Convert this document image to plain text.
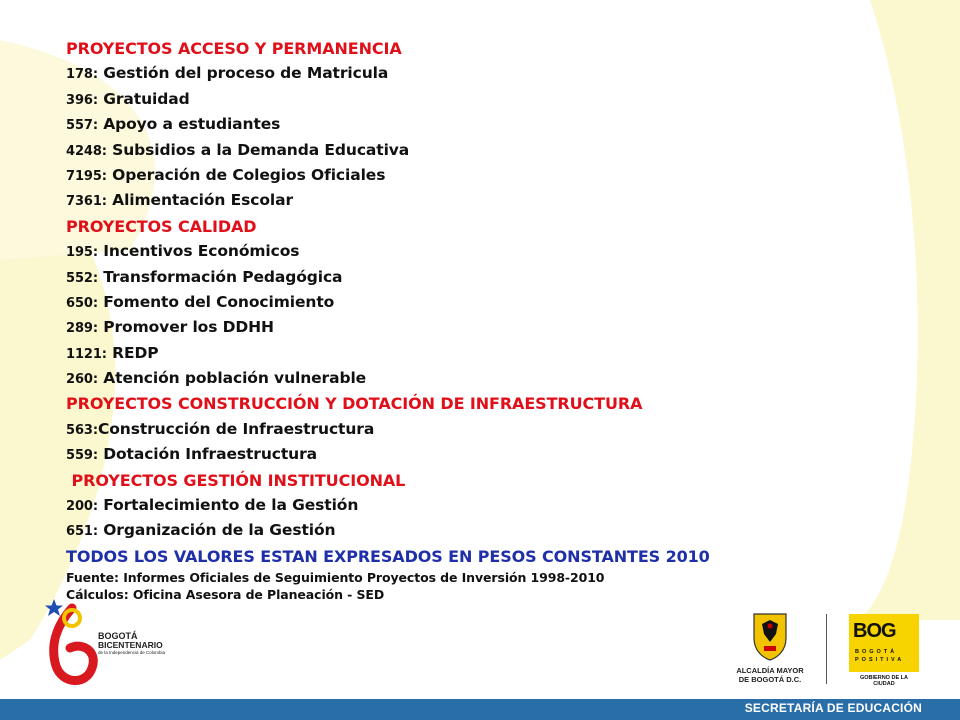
PROYECTOS ACCESO Y PERMANENCIA
178: Gestión del proceso de Matricula
396: Gratuidad
557: Apoyo a estudiantes
4248: Subsidios a la Demanda Educativa
7195: Operación de Colegios Oficiales
7361: Alimentación Escolar
PROYECTOS CALIDAD
195: Incentivos Económicos
552: Transformación Pedagógica
650: Fomento del Conocimiento
289: Promover los DDHH
1121: REDP
260: Atención población vulnerable
PROYECTOS CONSTRUCCIÓN Y DOTACIÓN DE INFRAESTRUCTURA
563:Construcción de Infraestructura
559: Dotación Infraestructura
PROYECTOS GESTIÓN INSTITUCIONAL
200: Fortalecimiento de la Gestión
651: Organización de la Gestión
TODOS LOS VALORES ESTAN EXPRESADOS EN PESOS CONSTANTES 2010
Fuente: Informes Oficiales de Seguimiento Proyectos de Inversión 1998-2010
Cálculos: Oficina Asesora de Planeación - SED
BOGOTÁ
BICENTENARIO
de la Independencia de Colombia
ALCALDÍA MAYOR
DE BOGOTÁ D.C.
BOG
BOGOTÁ
POSITIVA
GOBIERNO DE LA CIUDAD
SECRETARÍA DE EDUCACIÓN
